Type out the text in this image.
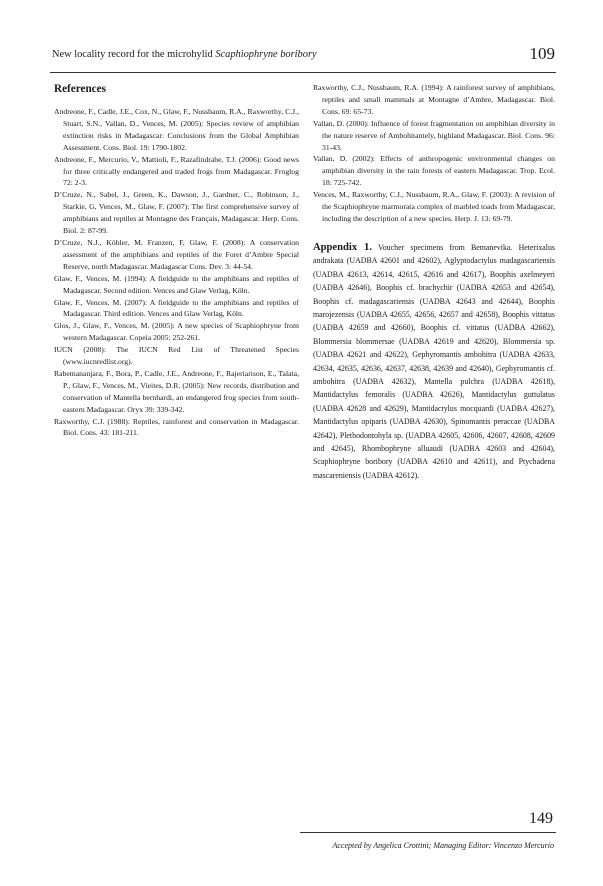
New locality record for the microhylid Scaphiophryne boribory	109
References

Andreone, F., Cadle, J.E., Cox, N., Glaw, F., Nussbaum, R.A., Raxworthy, C.J., Stuart, S.N., Vallan, D., Vences, M. (2005): Species review of amphibian extinction risks in Madagascar: Conclusions from the Global Amphibian Assessment. Cons. Biol. 19: 1790-1802.

Andreone, F., Mercurio, V., Mattioli, F., Razafindrabe, T.J. (2006): Good news for three critically endangered and traded frogs from Madagascar. Froglog 72: 2-3.

D’Cruze, N., Sabel, J., Green, K., Dawson, J., Gardner, C., Robinson, J., Starkie, G, Vences, M., Glaw, F. (2007): The first comprehensive survey of amphibians and reptiles at Montagne des Français, Madagascar. Herp. Cons. Biol. 2: 87-99.

D’Cruze, N.J., Köhler, M. Franzen, F, Glaw, F. (2008): A conservation assessment of the amphibians and reptiles of the Foret d’Ambre Special Reserve, north Madagascar. Madagascar Cons. Dev. 3: 44-54.

Glaw, F., Vences, M. (1994): A fieldguide to the amphibians and reptiles of Madagascar. Second edition. Vences and Glaw Verlag, Köln.

Glaw, F., Vences, M. (2007): A fieldguide to the amphibians and reptiles of Madagascar. Third edition. Vences and Glaw Verlag, Köln.

Glos, J., Glaw, F., Vences, M. (2005): A new species of Scaphiophryne from western Madagascar. Copeia 2005: 252-261.

IUCN (2008): The IUCN Red List of Threatened Species (www.iucnredlist.org).

Rabemananjara, F., Bora, P., Cadle, J.E., Andreone, F., Rajeriarison, E., Talata, P., Glaw, F., Vences, M., Vieites, D.R. (2005): New records, distribution and conservation of Mantella bernhardi, an endangered frog species from south-eastern Madagascar. Oryx 39: 339-342.

Raxworthy, C.J. (1988): Reptiles, rainforest and conservation in Madagascar. Biol. Cons. 43: 181-211.

Raxworthy, C.J., Nussbaum, R.A. (1994): A rainforest survey of amphibians, reptiles and small mammals at Montagne d’Ambre, Madagascar. Biol. Cons. 69: 65-73.

Vallan, D. (2000): Influence of forest fragmentation on amphibian diversity in the nature reserve of Ambohitantely, highland Madagascar. Biol. Cons. 96: 31-43.

Vallan, D. (2002): Effects of anthropogenic environmental changes on amphibian diversity in the rain forests of eastern Madagascar. Trop. Ecol. 18: 725-742.

Vences, M., Raxworthy, C.J., Nussbaum, R.A., Glaw, F. (2003): A revision of the Scaphiophryne marmorata complex of marbled toads from Madagascar, including the description of a new species. Herp. J. 13: 69-79.

Appendix 1. Voucher specimens from Bemanevika. Heterixalus andrakata (UADBA 42601 and 42602), Aglyptodactylus madagascariensis (UADBA 42613, 42614, 42615, 42616 and 42617), Boophis axelmeyeri (UADBA 42646), Boophis cf. brachychir (UADBA 42653 and 42654), Boophis cf. madagascariensis (UADBA 42643 and 42644), Boophis marojezensis (UADBA 42655, 42656, 42657 and 42658), Boophis vittatus (UADBA 42659 and 42660), Boophis cf. vittatus (UADBA 42662), Blommersia blommersae (UADBA 42619 and 42620), Blommersia sp. (UADBA 42621 and 42622), Gephyromantis ambohitra (UADBA 42633, 42634, 42635, 42636, 42637, 42638, 42639 and 42640), Gephyromantis cf. ambohitra (UADBA 42632), Mantella pulchra (UADBA 42618), Mantidactylus femoralis (UADBA 42626), Mantidactylus guttulatus (UADBA 42628 and 42629), Mantidactylus mocquardi (UADBA 42627), Mantidactylus opiparis (UADBA 42630), Spinomantis peraccae (UADBA 42642), Plethodontohyla sp. (UADBA 42605, 42606, 42607, 42608, 42609 and 42645), Rhombophryne alluaudi (UADBA 42603 and 42604), Scaphiophryne boribory (UADBA 42610 and 42611), and Ptychadena mascareniensis (UADBA 42612).
149
Accepted by Angelica Crottini; Managing Editor: Vincenzo Mercurio
